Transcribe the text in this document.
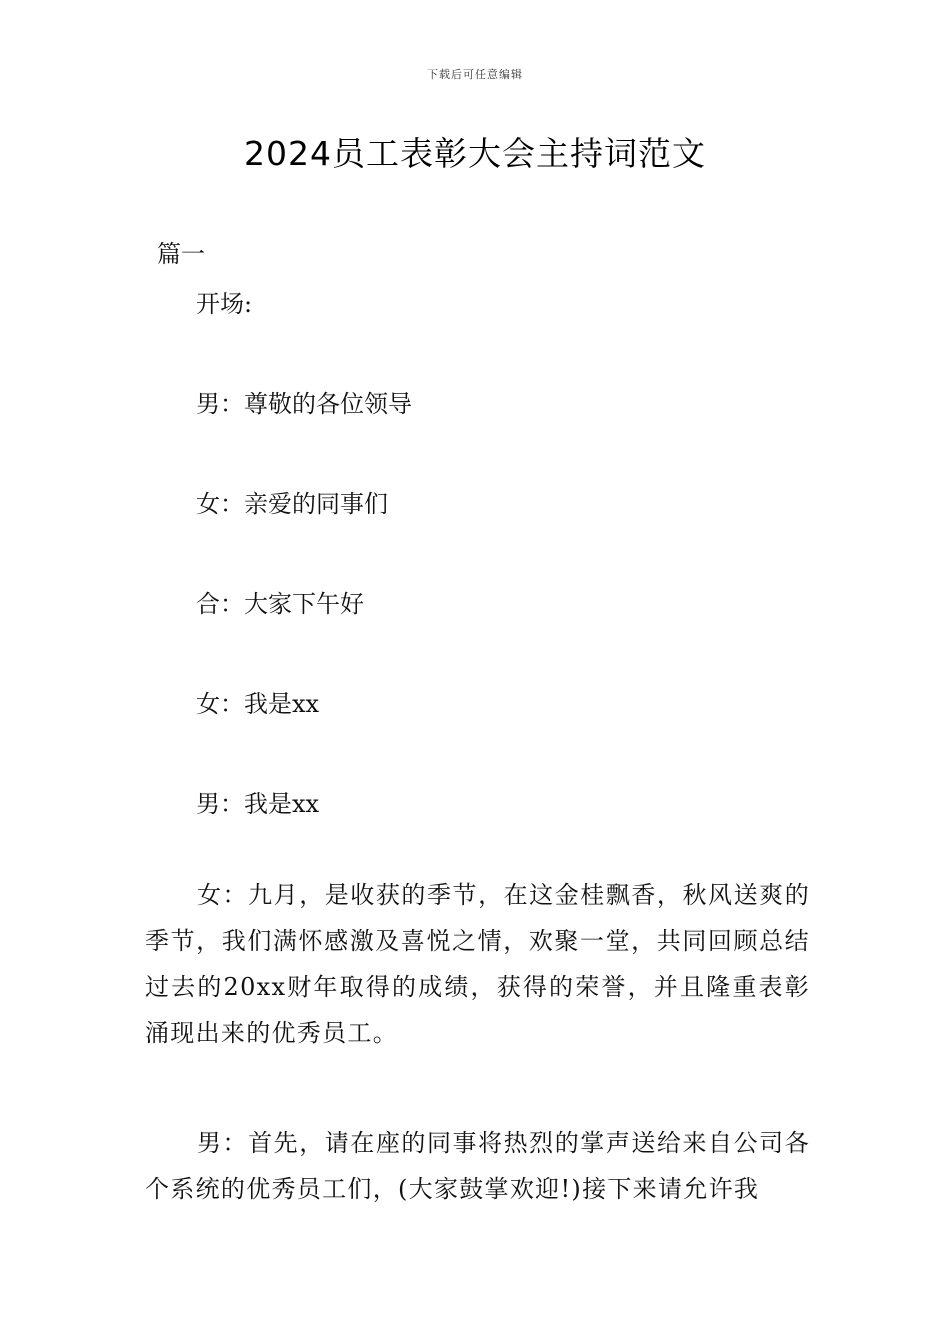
下载后可任意编辑
2024员工表彰大会主持词范文
篇一
开场:
男：尊敬的各位领导
女：亲爱的同事们
合：大家下午好
女：我是xx
男：我是xx
女：九月，是收获的季节，在这金桂飘香，秋风送爽的季节，我们满怀感激及喜悦之情，欢聚一堂，共同回顾总结过去的20xx财年取得的成绩，获得的荣誉，并且隆重表彰涌现出来的优秀员工。
男：首先，请在座的同事将热烈的掌声送给来自公司各个系统的优秀员工们，(大家鼓掌欢迎!)接下来请允许我
